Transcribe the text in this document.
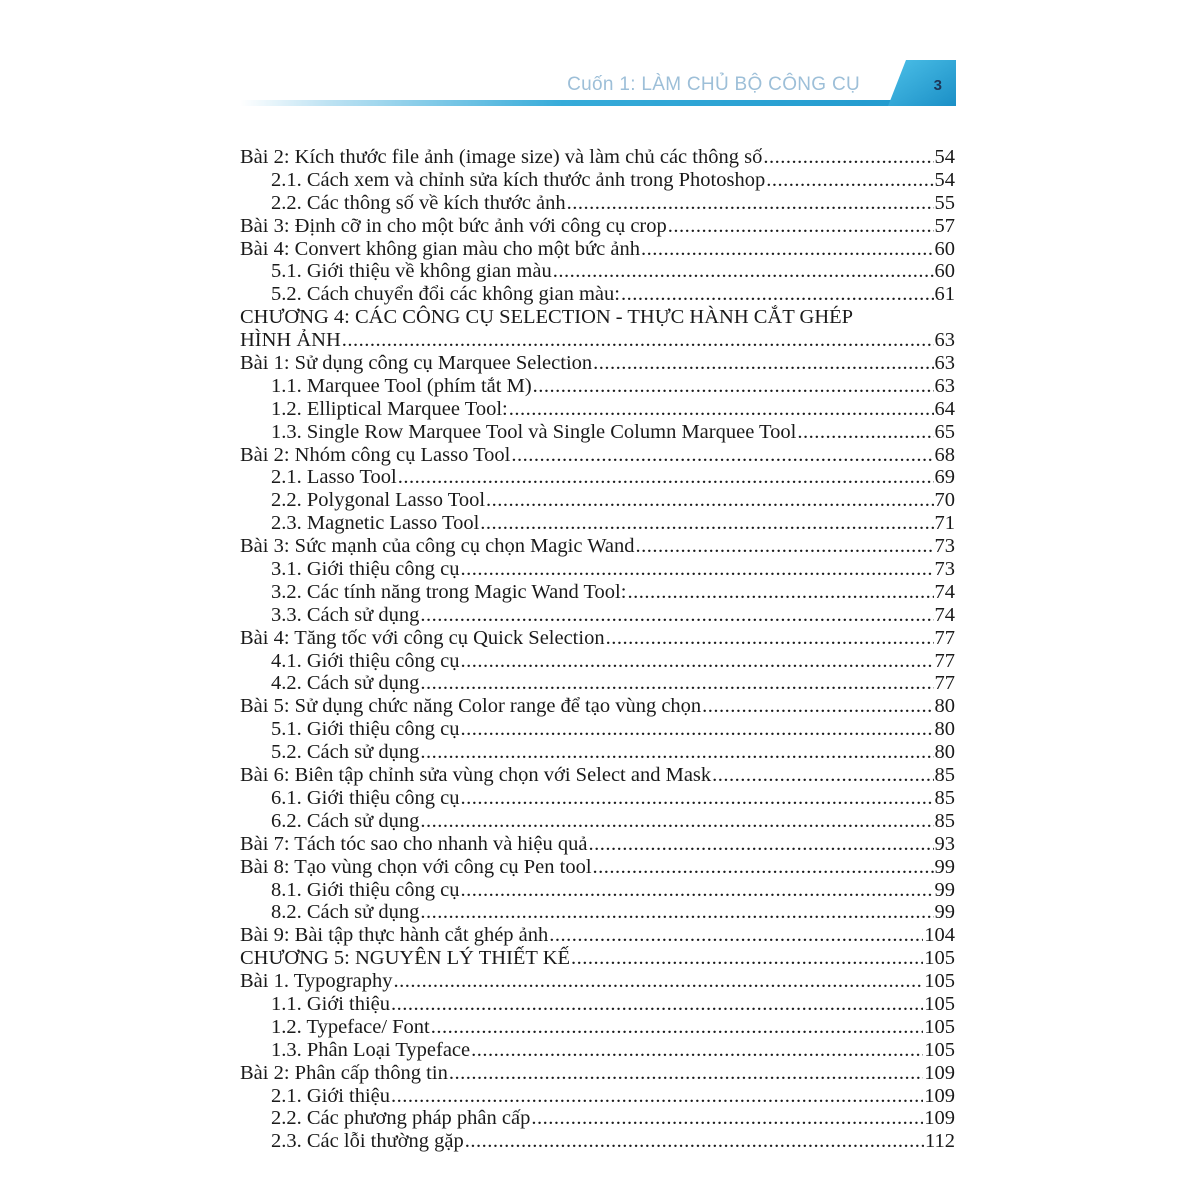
Cuốn 1: LÀM CHỦ BỘ CÔNG CỤ	3
Bài 2: Kích thước file ảnh (image size) và làm chủ các thông số .....	54
2.1. Cách xem và chỉnh sửa kích thước ảnh trong Photoshop .....	54
2.2. Các thông số về kích thước ảnh .....	55
Bài 3: Định cỡ in cho một bức ảnh với công cụ crop .....	57
Bài 4: Convert không gian màu cho một bức ảnh .....	60
5.1. Giới thiệu về không gian màu .....	60
5.2. Cách chuyển đổi các không gian màu: .....	61
CHƯƠNG 4: CÁC CÔNG CỤ SELECTION - THỰC HÀNH CẮT GHÉP
HÌNH ẢNH .....	63
Bài 1: Sử dụng công cụ Marquee Selection .....	63
1.1. Marquee Tool (phím tắt M) .....	63
1.2. Elliptical Marquee Tool: .....	64
1.3. Single Row Marquee Tool và Single Column Marquee Tool .....	65
Bài 2: Nhóm công cụ Lasso Tool .....	68
2.1. Lasso Tool .....	69
2.2. Polygonal Lasso Tool .....	70
2.3. Magnetic Lasso Tool .....	71
Bài 3: Sức mạnh của công cụ chọn Magic Wand .....	73
3.1. Giới thiệu công cụ .....	73
3.2. Các tính năng trong Magic Wand Tool: .....	74
3.3. Cách sử dụng .....	74
Bài 4: Tăng tốc với công cụ Quick Selection .....	77
4.1. Giới thiệu công cụ .....	77
4.2. Cách sử dụng .....	77
Bài 5: Sử dụng chức năng Color range để tạo vùng chọn .....	80
5.1. Giới thiệu công cụ .....	80
5.2. Cách sử dụng .....	80
Bài 6: Biên tập chỉnh sửa vùng chọn với Select and Mask .....	85
6.1. Giới thiệu công cụ .....	85
6.2. Cách sử dụng .....	85
Bài 7: Tách tóc sao cho nhanh và hiệu quả .....	93
Bài 8: Tạo vùng chọn với công cụ Pen tool .....	99
8.1. Giới thiệu công cụ .....	99
8.2. Cách sử dụng .....	99
Bài 9: Bài tập thực hành cắt ghép ảnh .....	104
CHƯƠNG 5: NGUYÊN LÝ THIẾT KẾ .....	105
Bài 1. Typography .....	105
1.1. Giới thiệu .....	105
1.2. Typeface/ Font .....	105
1.3. Phân Loại Typeface .....	105
Bài 2: Phân cấp thông tin .....	109
2.1. Giới thiệu .....	109
2.2. Các phương pháp phân cấp .....	109
2.3. Các lỗi thường gặp .....	112
